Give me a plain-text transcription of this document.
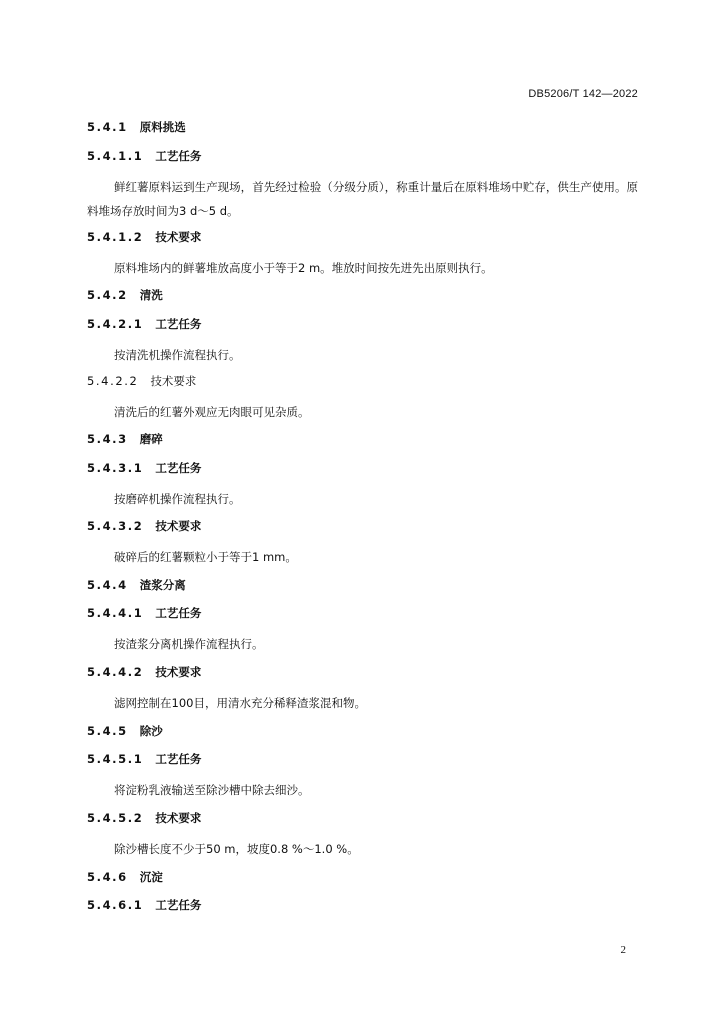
DB5206/T 142—2022
5.4.1 原料挑选
5.4.1.1 工艺任务
鲜红薯原料运到生产现场，首先经过检验（分级分质），称重计量后在原料堆场中贮存，供生产使用。原料堆场存放时间为3 d～5 d。
5.4.1.2 技术要求
原料堆场内的鲜薯堆放高度小于等于2 m。堆放时间按先进先出原则执行。
5.4.2 清洗
5.4.2.1 工艺任务
按清洗机操作流程执行。
5.4.2.2 技术要求
清洗后的红薯外观应无肉眼可见杂质。
5.4.3 磨碎
5.4.3.1 工艺任务
按磨碎机操作流程执行。
5.4.3.2 技术要求
破碎后的红薯颗粒小于等于1 mm。
5.4.4 渣浆分离
5.4.4.1 工艺任务
按渣浆分离机操作流程执行。
5.4.4.2 技术要求
滤网控制在100目，用清水充分稀释渣浆混和物。
5.4.5 除沙
5.4.5.1 工艺任务
将淀粉乳液输送至除沙槽中除去细沙。
5.4.5.2 技术要求
除沙槽长度不少于50 m，坡度0.8 %～1.0 %。
5.4.6 沉淀
5.4.6.1 工艺任务
2
